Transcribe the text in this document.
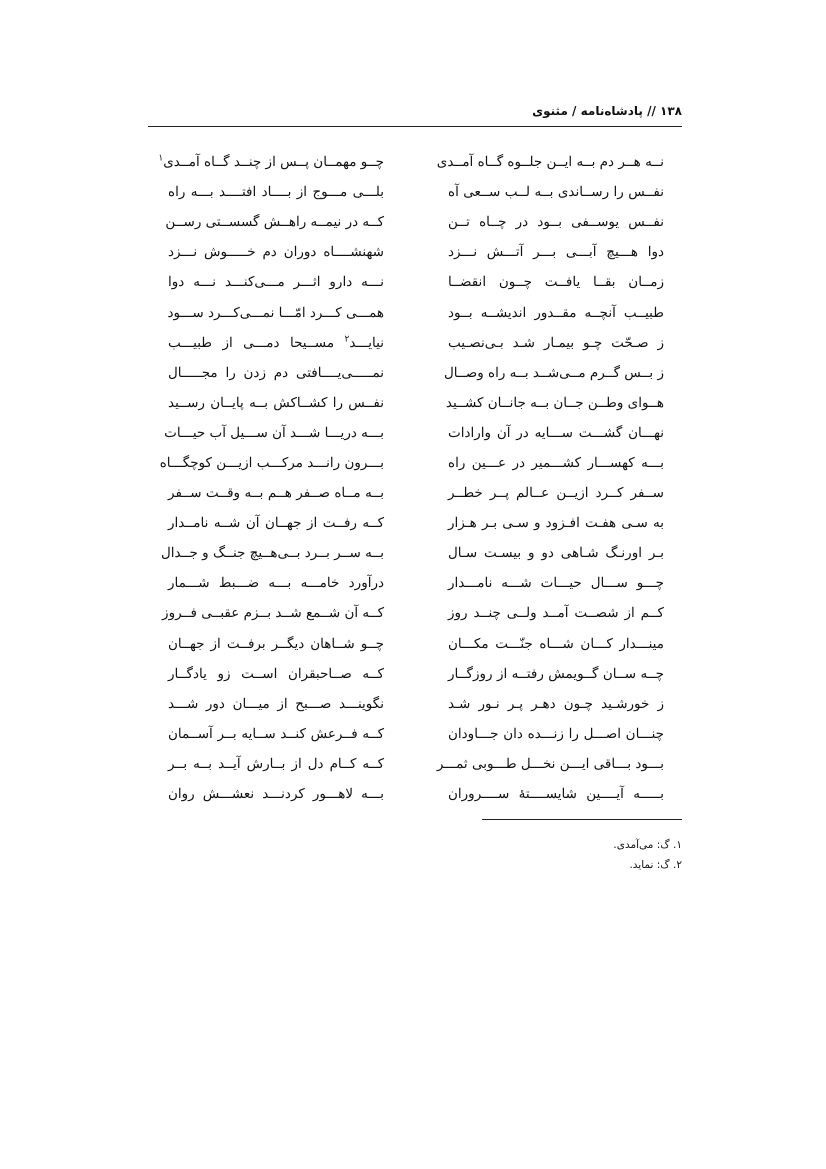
۱۳۸ // پادشاه‌نامه / مثنوی
نــه هــر دم بــه ایــن جلــوه گــاه آمــدی
چــو مهمــان پــس از چنــد گــاه آمــدی$^۱$
نفــس را رســاندی بــه لــب ســعی آه
بلـــی مـــوج از بــــاد افتــــد بـــه راه
نفــس یوســفی بــود در چــاه تــن
کــه در نیمــه راهــش گسســتی رســن
دوا هـــیچ آبـــی بـــر آتـــش نـــزد
شهنشــــاه دوران دم خـــــوش نـــزد
زمــان بقــا یافــت چــون انقضــا
نـــه دارو اثـــر مـــی‌کنـــد نـــه دوا
طبیــب آنچــه مقــدور اندیشــه بــود
همـــی کـــرد امّـــا نمـــی‌کـــرد ســـود
ز صـحّت چـو بیمـار شـد بـی‌نصـیب
نیایـــد$^۲$ مســیحا دمـــی از طبیـــب
ز بــس گــرم مــی‌شــد بــه راه وصــال
نمـــــی‌یــــافتی دم زدن را مجـــــال
هــوای وطــن جــان بــه جانــان کشــید
نفــس را کشــاکش بــه پایــان رســید
نهـــان گشـــت ســـایه در آن وارادات
بـــه دریـــا شـــد آن ســـیل آب حیـــات
بـــه کهســـار کشـــمیر در عـــین راه
بـــرون رانـــد مرکـــب ازیـــن کوچگـــاه
ســفر کــرد ازیــن عــالم پــر خطــر
بــه مــاه صــفر هــم بــه وقــت ســفر
به سـی هفـت افـزود و سـی بـر هـزار
کــه رفــت از جهــان آن شــه نامــدار
بـر اورنـگ شـاهی دو و بیسـت سـال
بــه ســر بــرد بــی‌هــیچ جنــگ و جــدال
چـــو ســـال حیـــات شـــه نامـــدار
درآورد خامـــه بـــه ضـــبط شـــمار
کــم از شصــت آمــد ولــی چنــد روز
کــه آن شــمع شــد بــزم عقبــی فــروز
مینـــدار کـــان شـــاه جنّـــت مکـــان
چــو شــاهان دیگــر برفــت از جهــان
چــه ســان گــویمش رفتــه از روزگــار
کــه صــاحبقران اســت زو یادگــار
ز خورشـید چـون دهـر پـر نـور شـد
نگوینـــد صـــبح از میـــان دور شـــد
چنـــان اصـــل را زنـــده دان جـــاودان
کــه فــرعش کنــد ســایه بــر آســمان
بـــود بـــاقی ایـــن نخـــل طـــوبی ثمـــر
کــه کــام دل از بــارش آیــد بــه بــر
بـــــه آیــــین شایســــتهٔ ســــروران
بـــه لاهـــور کردنـــد نعشـــش روان
۱. گ: می‌آمدی.
۲. گ: نماید.
